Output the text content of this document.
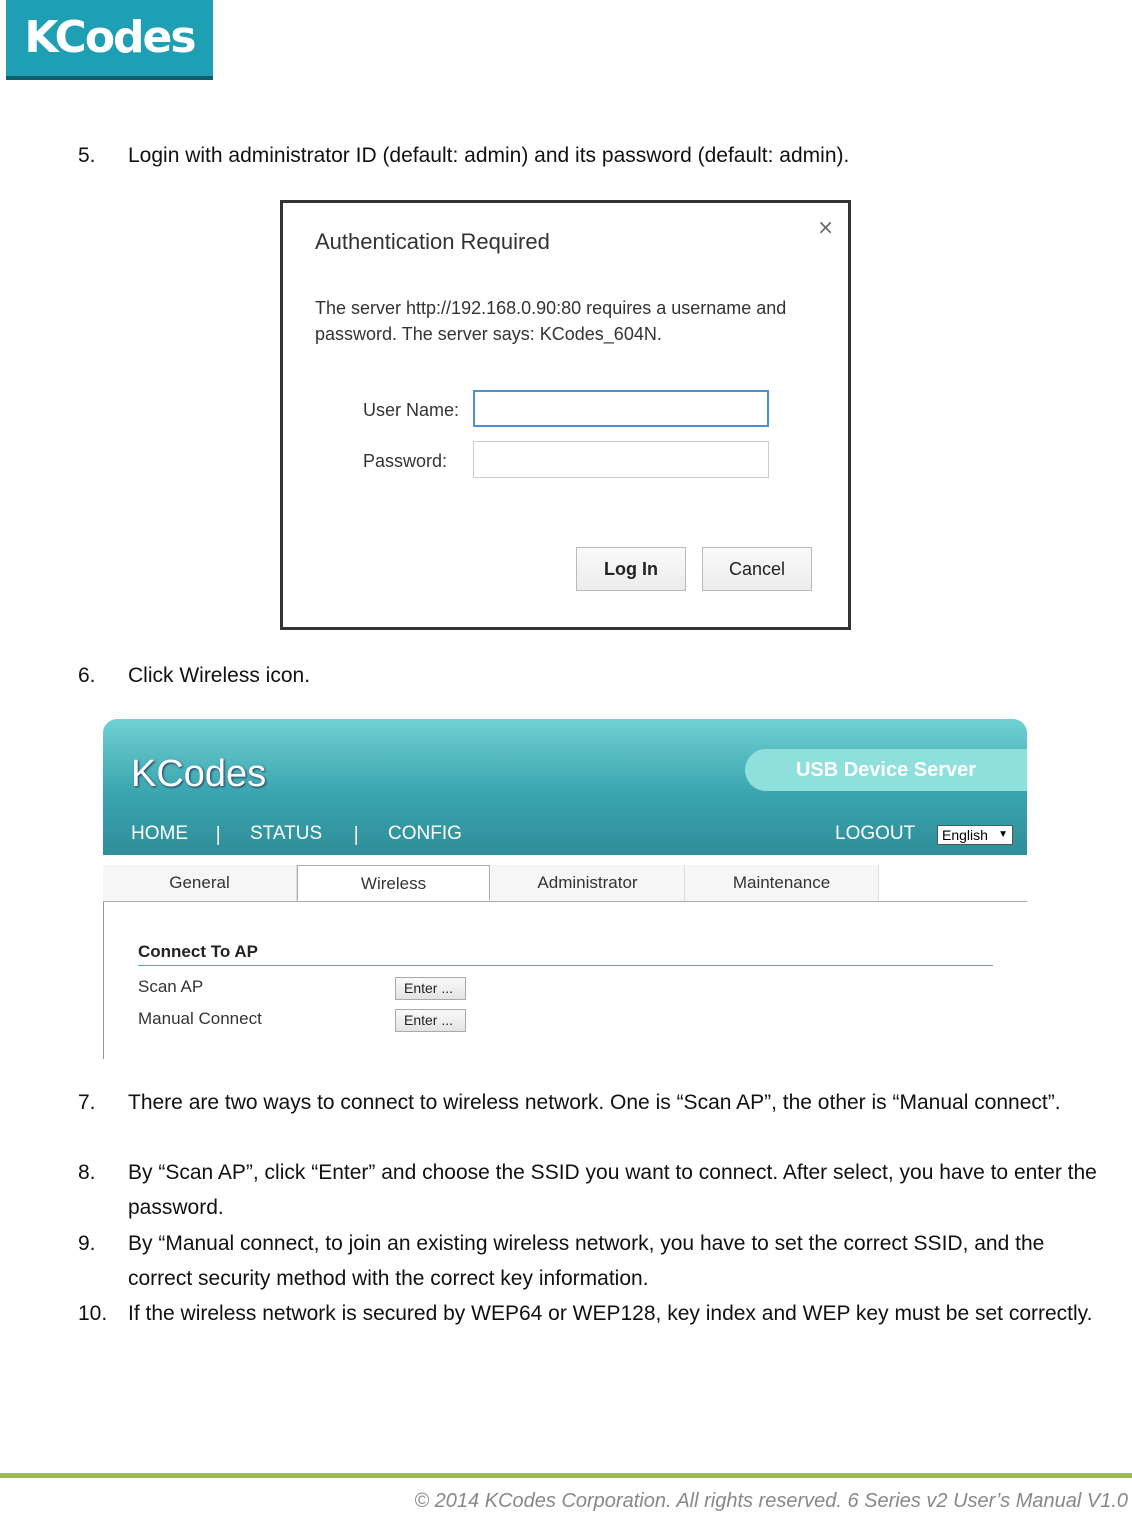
KCodes
5. Login with administrator ID (default: admin) and its password (default: admin).
Authentication Required
×
The server http://192.168.0.90:80 requires a username and password. The server says: KCodes_604N.
User Name:
Password:
Log In	Cancel
6. Click Wireless icon.
KCodes	USB Device Server
HOME | STATUS | CONFIG	LOGOUT	English ▼
General	Wireless	Administrator	Maintenance
Connect To AP
Scan AP	Enter ...
Manual Connect	Enter ...
7. There are two ways to connect to wireless network. One is “Scan AP”, the other is “Manual connect”.
8. By “Scan AP”, click “Enter” and choose the SSID you want to connect. After select, you have to enter the password.
9. By “Manual connect, to join an existing wireless network, you have to set the correct SSID, and the correct security method with the correct key information.
10. If the wireless network is secured by WEP64 or WEP128, key index and WEP key must be set correctly.
© 2014 KCodes Corporation. All rights reserved. 6 Series v2 User’s Manual V1.0
